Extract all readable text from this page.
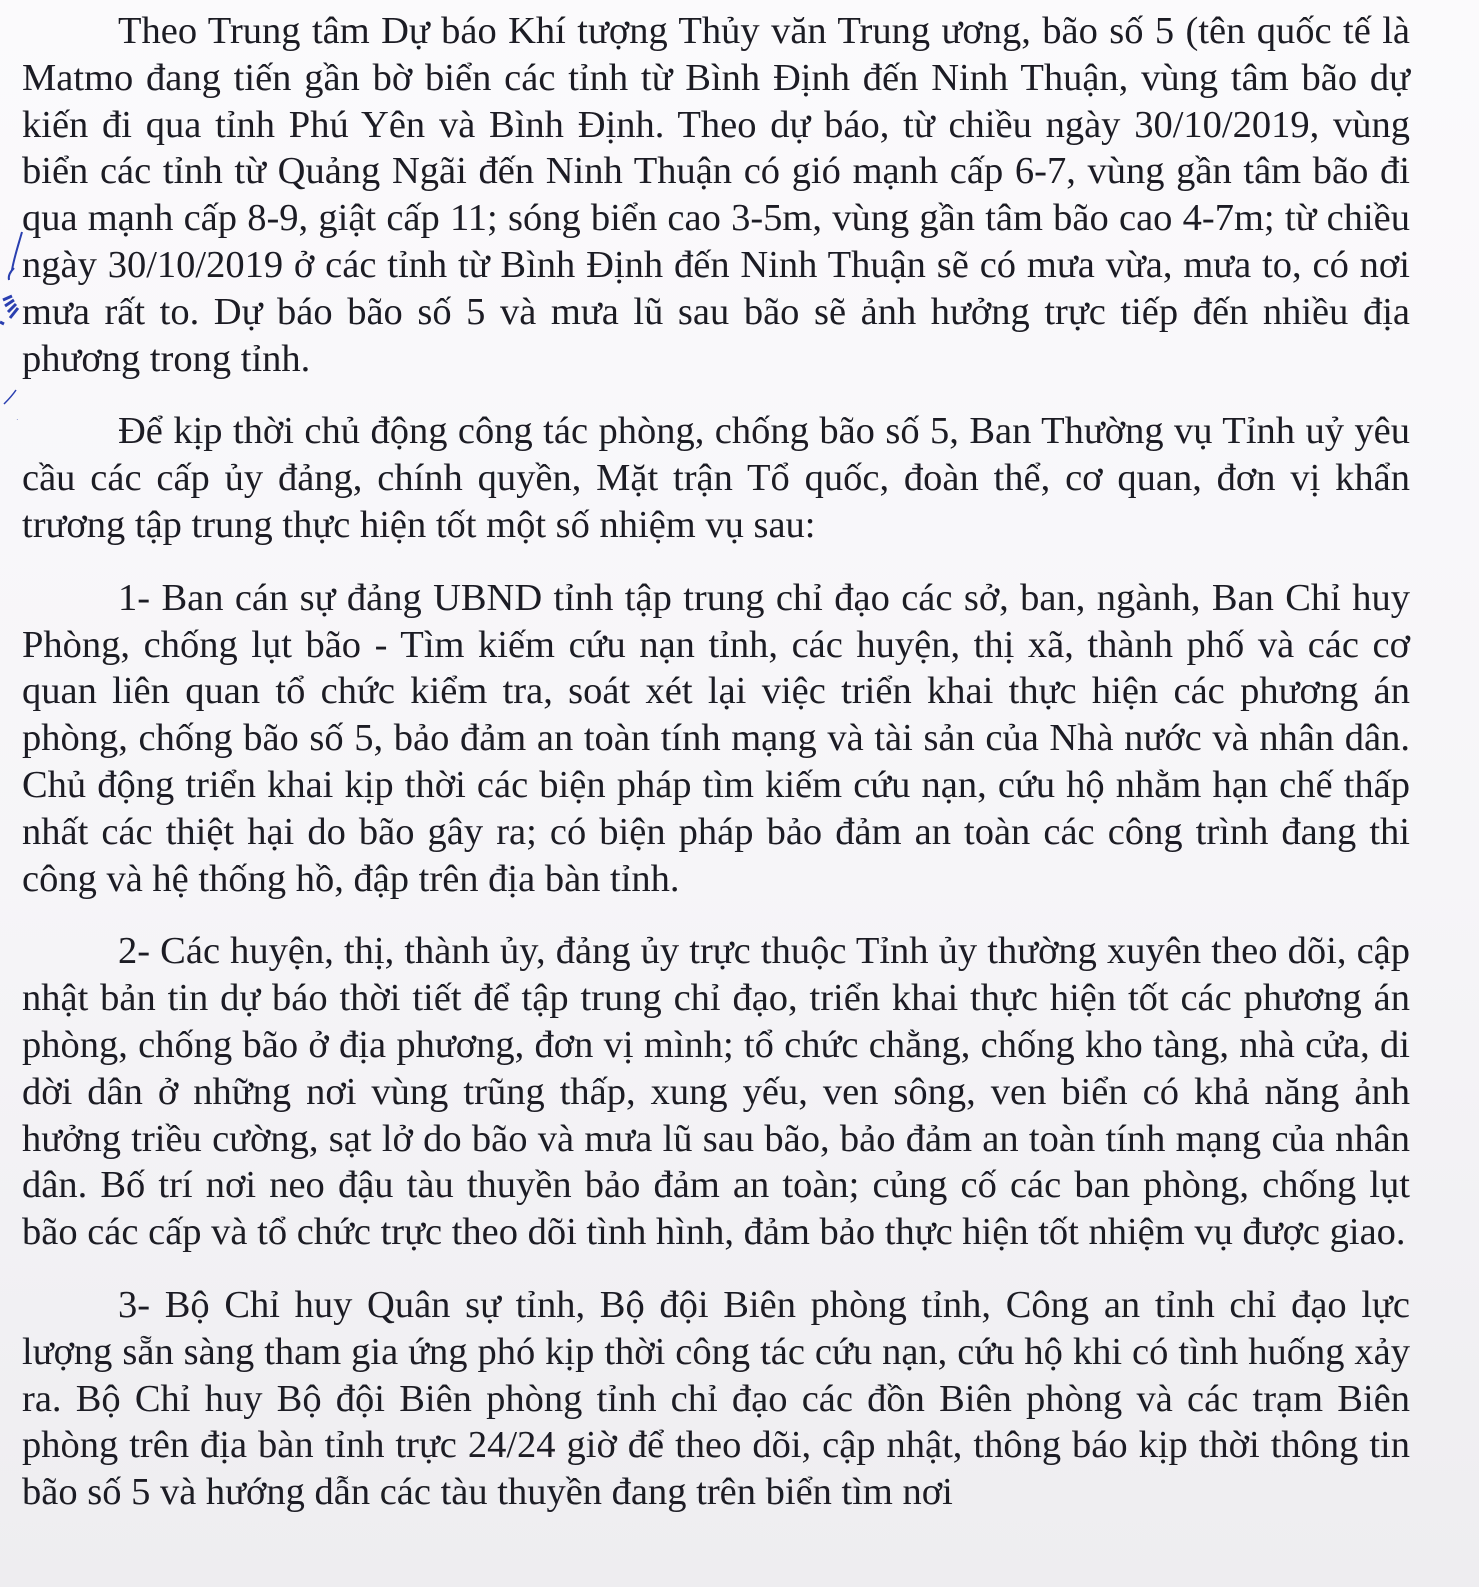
Theo Trung tâm Dự báo Khí tượng Thủy văn Trung ương, bão số 5 (tên quốc tế là Matmo đang tiến gần bờ biển các tỉnh từ Bình Định đến Ninh Thuận, vùng tâm bão dự kiến đi qua tỉnh Phú Yên và Bình Định. Theo dự báo, từ chiều ngày 30/10/2019, vùng biển các tỉnh từ Quảng Ngãi đến Ninh Thuận có gió mạnh cấp 6-7, vùng gần tâm bão đi qua mạnh cấp 8-9, giật cấp 11; sóng biển cao 3-5m, vùng gần tâm bão cao 4-7m; từ chiều ngày 30/10/2019 ở các tỉnh từ Bình Định đến Ninh Thuận sẽ có mưa vừa, mưa to, có nơi mưa rất to. Dự báo bão số 5 và mưa lũ sau bão sẽ ảnh hưởng trực tiếp đến nhiều địa phương trong tỉnh.

Để kịp thời chủ động công tác phòng, chống bão số 5, Ban Thường vụ Tỉnh uỷ yêu cầu các cấp ủy đảng, chính quyền, Mặt trận Tổ quốc, đoàn thể, cơ quan, đơn vị khẩn trương tập trung thực hiện tốt một số nhiệm vụ sau:

1- Ban cán sự đảng UBND tỉnh tập trung chỉ đạo các sở, ban, ngành, Ban Chỉ huy Phòng, chống lụt bão - Tìm kiếm cứu nạn tỉnh, các huyện, thị xã, thành phố và các cơ quan liên quan tổ chức kiểm tra, soát xét lại việc triển khai thực hiện các phương án phòng, chống bão số 5, bảo đảm an toàn tính mạng và tài sản của Nhà nước và nhân dân. Chủ động triển khai kịp thời các biện pháp tìm kiếm cứu nạn, cứu hộ nhằm hạn chế thấp nhất các thiệt hại do bão gây ra; có biện pháp bảo đảm an toàn các công trình đang thi công và hệ thống hồ, đập trên địa bàn tỉnh.

2- Các huyện, thị, thành ủy, đảng ủy trực thuộc Tỉnh ủy thường xuyên theo dõi, cập nhật bản tin dự báo thời tiết để tập trung chỉ đạo, triển khai thực hiện tốt các phương án phòng, chống bão ở địa phương, đơn vị mình; tổ chức chằng, chống kho tàng, nhà cửa, di dời dân ở những nơi vùng trũng thấp, xung yếu, ven sông, ven biển có khả năng ảnh hưởng triều cường, sạt lở do bão và mưa lũ sau bão, bảo đảm an toàn tính mạng của nhân dân. Bố trí nơi neo đậu tàu thuyền bảo đảm an toàn; củng cố các ban phòng, chống lụt bão các cấp và tổ chức trực theo dõi tình hình, đảm bảo thực hiện tốt nhiệm vụ được giao.

3- Bộ Chỉ huy Quân sự tỉnh, Bộ đội Biên phòng tỉnh, Công an tỉnh chỉ đạo lực lượng sẵn sàng tham gia ứng phó kịp thời công tác cứu nạn, cứu hộ khi có tình huống xảy ra. Bộ Chỉ huy Bộ đội Biên phòng tỉnh chỉ đạo các đồn Biên phòng và các trạm Biên phòng trên địa bàn tỉnh trực 24/24 giờ để theo dõi, cập nhật, thông báo kịp thời thông tin bão số 5 và hướng dẫn các tàu thuyền đang trên biển tìm nơi
